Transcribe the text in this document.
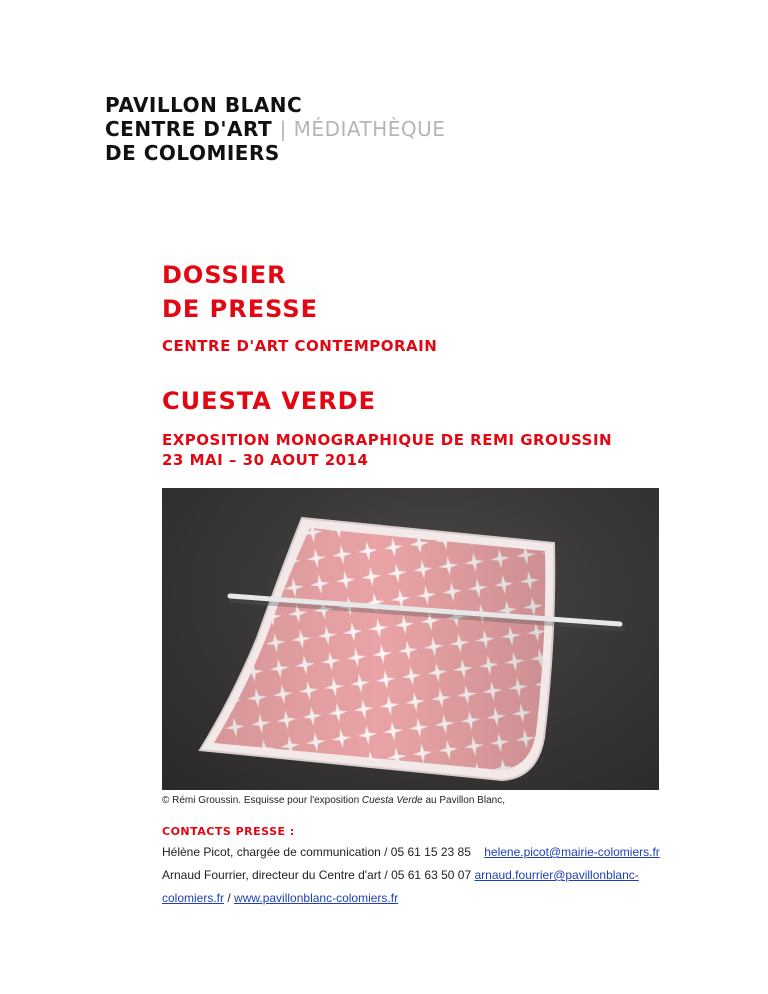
PAVILLON BLANC
CENTRE D'ART | MÉDIATHÈQUE
DE COLOMIERS
DOSSIER
DE PRESSE
CENTRE D'ART CONTEMPORAIN
CUESTA VERDE
EXPOSITION MONOGRAPHIQUE DE REMI GROUSSIN
23 MAI – 30 AOUT 2014
© Rémi Groussin. Esquisse pour l'exposition Cuesta Verde au Pavillon Blanc,
CONTACTS PRESSE :
Hélène Picot, chargée de communication / 05 61 15 23 85 helene.picot@mairie-colomiers.fr
Arnaud Fourrier, directeur du Centre d'art / 05 61 63 50 07 arnaud.fourrier@pavillonblanc-
colomiers.fr / www.pavillonblanc-colomiers.fr
